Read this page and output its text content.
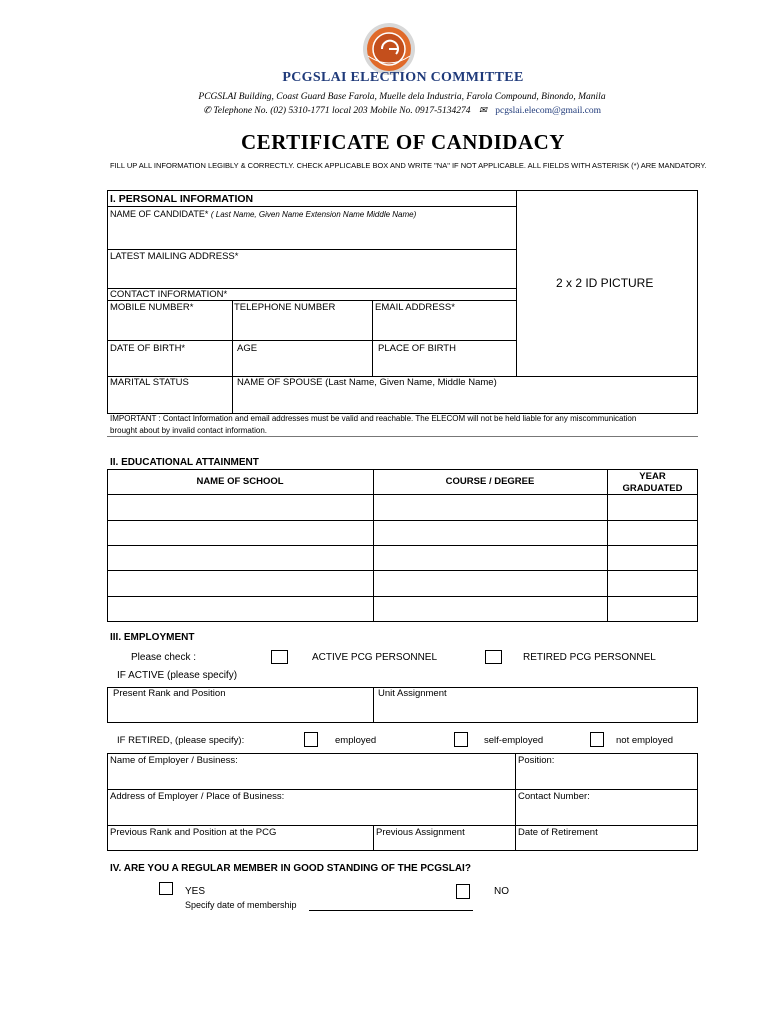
PCGSLAI ELECTION COMMITTEE
PCGSLAI Building, Coast Guard Base Farola, Muelle dela Industria, Farola Compound, Binondo, Manila
✆ Telephone No. (02) 5310-1771 local 203 Mobile No. 0917-5134274 ✉ pcgslai.elecom@gmail.com
CERTIFICATE OF CANDIDACY
FILL UP ALL INFORMATION LEGIBLY & CORRECTLY. CHECK APPLICABLE BOX AND WRITE "NA" IF NOT APPLICABLE. ALL FIELDS WITH ASTERISK (*) ARE MANDATORY.
I. PERSONAL INFORMATION
NAME OF CANDIDATE* ( Last Name, Given Name Extension Name Middle Name)
LATEST MAILING ADDRESS*
CONTACT INFORMATION*
MOBILE NUMBER*	TELEPHONE NUMBER	EMAIL ADDRESS*
DATE OF BIRTH*	AGE	PLACE OF BIRTH
MARITAL STATUS	NAME OF SPOUSE (Last Name, Given Name, Middle Name)
2 x 2 ID PICTURE
IMPORTANT : Contact Information and email addresses must be valid and reachable. The ELECOM will not be held liable for any miscommunication
brought about by invalid contact information.
II. EDUCATIONAL ATTAINMENT
NAME OF SCHOOL	COURSE / DEGREE	YEAR
GRADUATED
III. EMPLOYMENT
Please check :	ACTIVE PCG PERSONNEL	RETIRED PCG PERSONNEL
IF ACTIVE (please specify)
Present Rank and Position	Unit Assignment
IF RETIRED, (please specify):	employed	self-employed	not employed
Name of Employer / Business:	Position:
Address of Employer / Place of Business:	Contact Number:
Previous Rank and Position at the PCG	Previous Assignment	Date of Retirement
IV. ARE YOU A REGULAR MEMBER IN GOOD STANDING OF THE PCGSLAI?
YES	NO
Specify date of membership
